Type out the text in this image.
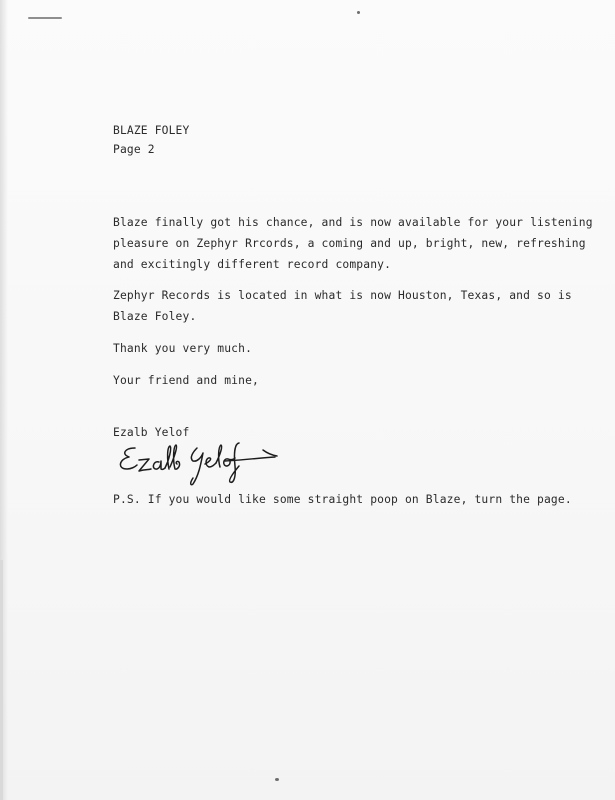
BLAZE FOLEY
Page 2
Blaze finally got his chance, and is now available for your listening
pleasure on Zephyr Rrcords, a coming and up, bright, new, refreshing
and excitingly different record company.
Zephyr Records is located in what is now Houston, Texas, and so is
Blaze Foley.
Thank you very much.
Your friend and mine,
Ezalb Yelof
P.S. If you would like some straight poop on Blaze, turn the page.
